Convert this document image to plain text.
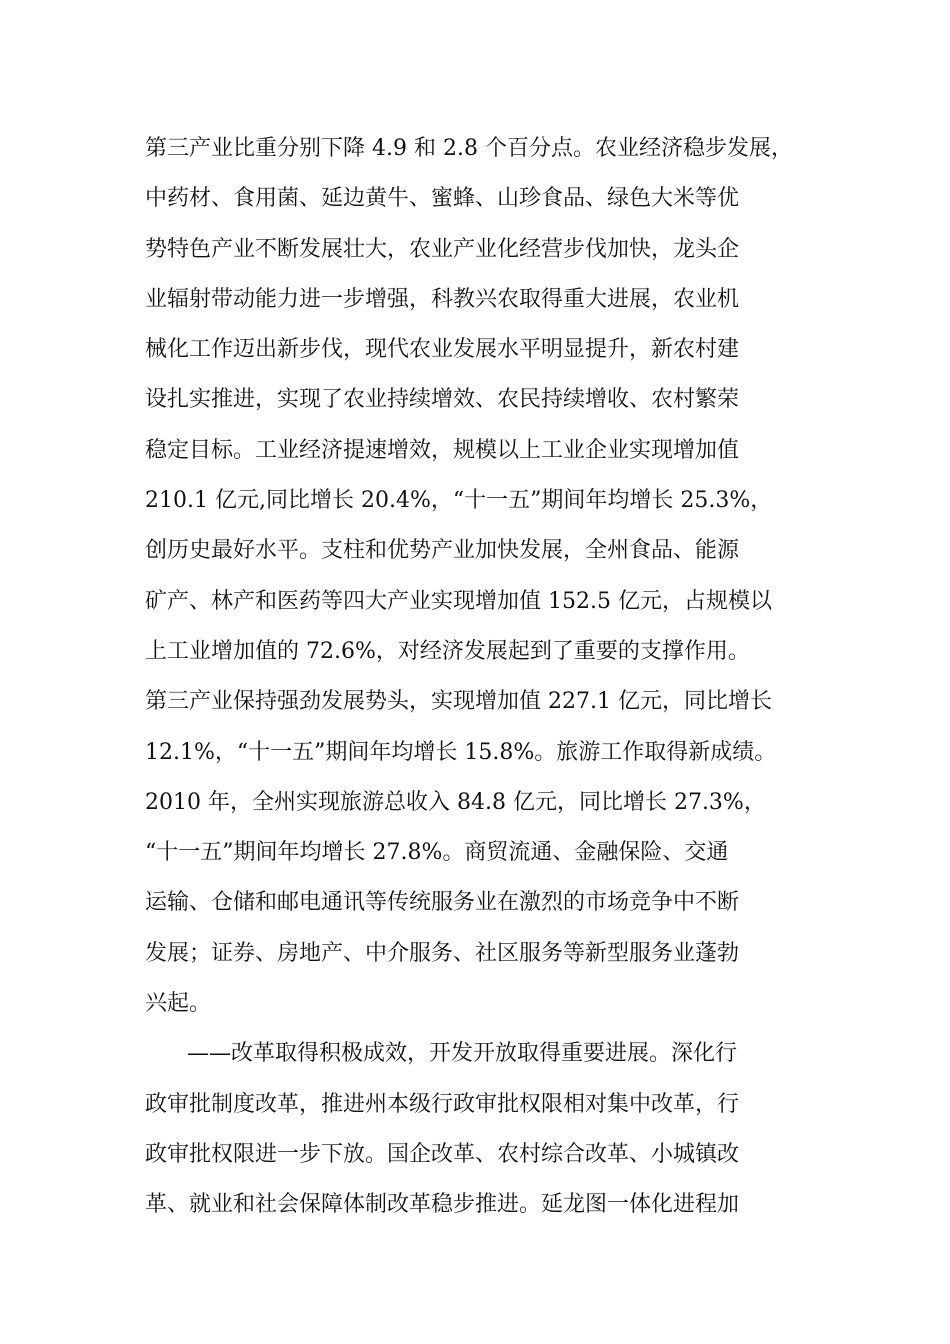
第三产业比重分别下降 4.9 和 2.8 个百分点。农业经济稳步发展，
中药材、食用菌、延边黄牛、蜜蜂、山珍食品、绿色大米等优
势特色产业不断发展壮大，农业产业化经营步伐加快，龙头企
业辐射带动能力进一步增强，科教兴农取得重大进展，农业机
械化工作迈出新步伐，现代农业发展水平明显提升，新农村建
设扎实推进，实现了农业持续增效、农民持续增收、农村繁荣
稳定目标。工业经济提速增效，规模以上工业企业实现增加值
210.1 亿元,同比增长 20.4%，“十一五”期间年均增长 25.3%，
创历史最好水平。支柱和优势产业加快发展，全州食品、能源
矿产、林产和医药等四大产业实现增加值 152.5 亿元，占规模以
上工业增加值的 72.6%，对经济发展起到了重要的支撑作用。
第三产业保持强劲发展势头，实现增加值 227.1 亿元，同比增长
12.1%，“十一五”期间年均增长 15.8%。旅游工作取得新成绩。
2010 年，全州实现旅游总收入 84.8 亿元，同比增长 27.3%，
“十一五”期间年均增长 27.8%。商贸流通、金融保险、交通
运输、仓储和邮电通讯等传统服务业在激烈的市场竞争中不断
发展；证券、房地产、中介服务、社区服务等新型服务业蓬勃
兴起。
——改革取得积极成效，开发开放取得重要进展。深化行
政审批制度改革，推进州本级行政审批权限相对集中改革，行
政审批权限进一步下放。国企改革、农村综合改革、小城镇改
革、就业和社会保障体制改革稳步推进。延龙图一体化进程加
